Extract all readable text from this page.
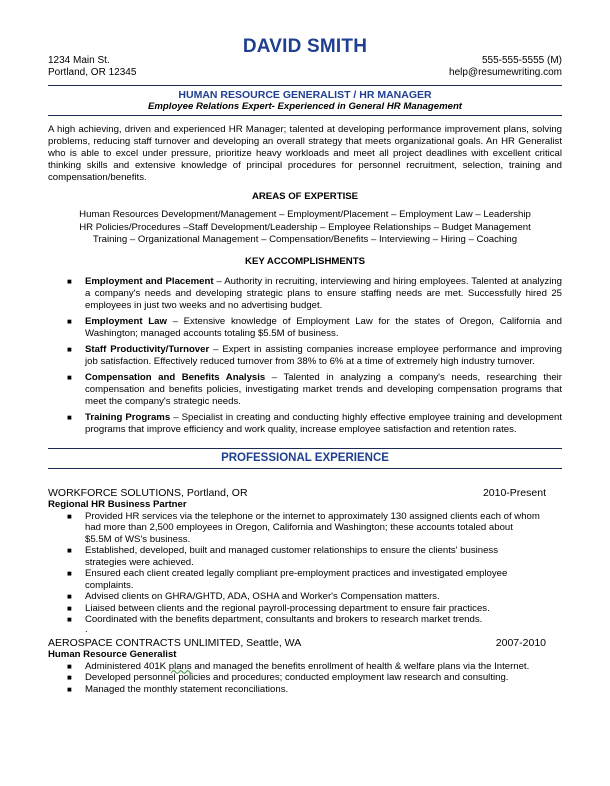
DAVID SMITH
1234 Main St.
Portland, OR 12345
555-555-5555 (M)
help@resumewriting.com
HUMAN RESOURCE GENERALIST / HR MANAGER
Employee Relations Expert- Experienced in General HR Management
A high achieving, driven and experienced HR Manager; talented at developing performance improvement plans, solving problems, reducing staff turnover and developing an overall strategy that meets organizational goals. An HR Generalist who is able to excel under pressure, prioritize heavy workloads and meet all project deadlines with excellent critical thinking skills and extensive knowledge of principal procedures for personnel recruitment, selection, training and compensation/benefits.
AREAS OF EXPERTISE
Human Resources Development/Management – Employment/Placement – Employment Law – Leadership
HR Policies/Procedures –Staff Development/Leadership – Employee Relationships – Budget Management
Training – Organizational Management – Compensation/Benefits – Interviewing – Hiring – Coaching
KEY ACCOMPLISHMENTS
■ Employment and Placement – Authority in recruiting, interviewing and hiring employees. Talented at analyzing a company's needs and developing strategic plans to ensure staffing needs are met. Successfully hired 25 employees in just two weeks and no advertising budget.
■ Employment Law – Extensive knowledge of Employment Law for the states of Oregon, California and Washington; managed accounts totaling $5.5M of business.
■ Staff Productivity/Turnover – Expert in assisting companies increase employee performance and improving job satisfaction. Effectively reduced turnover from 38% to 6% at a time of extremely high industry turnover.
■ Compensation and Benefits Analysis – Talented in analyzing a company's needs, researching their compensation and benefits policies, investigating market trends and developing compensation programs that meet the company's strategic needs.
■ Training Programs – Specialist in creating and conducting highly effective employee training and development programs that improve efficiency and work quality, increase employee satisfaction and retention rates.
PROFESSIONAL EXPERIENCE
WORKFORCE SOLUTIONS, Portland, OR	2010-Present
Regional HR Business Partner
■ Provided HR services via the telephone or the internet to approximately 130 assigned clients each of whom had more than 2,500 employees in Oregon, California and Washington; these accounts totaled about $5.5M of WS's business.
■ Established, developed, built and managed customer relationships to ensure the clients' business strategies were achieved.
■ Ensured each client created legally compliant pre-employment practices and investigated employee complaints.
■ Advised clients on GHRA/GHTD, ADA, OSHA and Worker's Compensation matters.
■ Liaised between clients and the regional payroll-processing department to ensure fair practices.
■ Coordinated with the benefits department, consultants and brokers to research market trends.
.
AEROSPACE CONTRACTS UNLIMITED, Seattle, WA	2007-2010
Human Resource Generalist
■ Administered 401K plans and managed the benefits enrollment of health & welfare plans via the Internet.
■ Developed personnel policies and procedures; conducted employment law research and consulting.
■ Managed the monthly statement reconciliations.
